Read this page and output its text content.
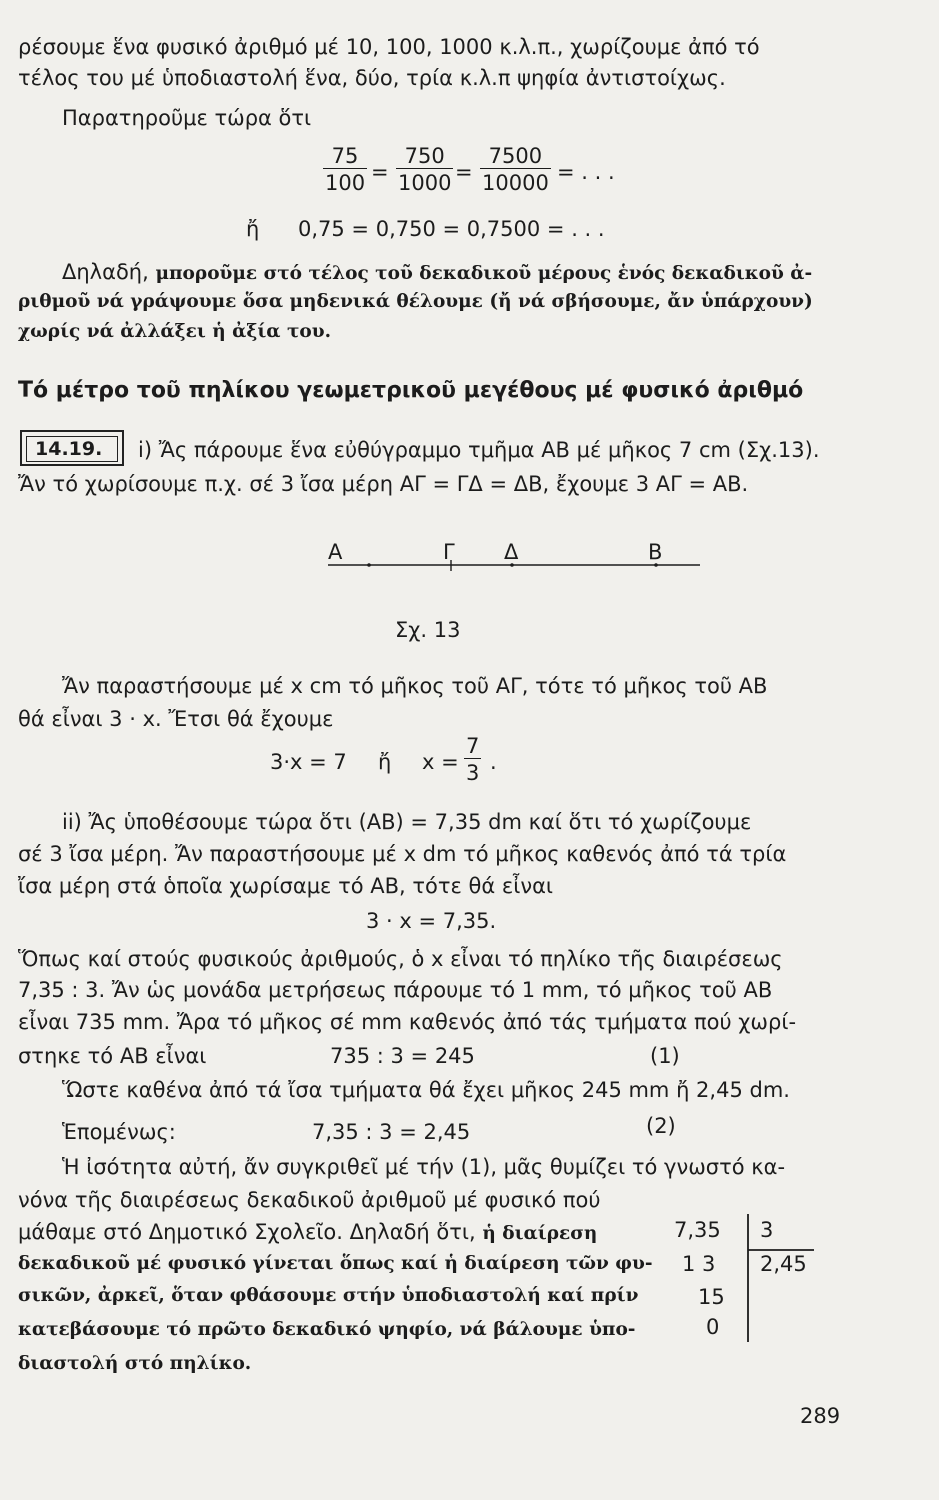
ρέσουμε ἕνα φυσικό ἀριθμό μέ 10, 100, 1000 κ.λ.π., χωρίζουμε ἀπό τό
τέλος του μέ ὑποδιαστολή ἕνα, δύο, τρία κ.λ.π ψηφία ἀντιστοίχως.
Παρατηροῦμε τώρα ὅτι
$\frac{75}{100} = \frac{750}{1000} = \frac{7500}{10000}$ = . . .
ἤ 0,75 = 0,750 = 0,7500 = . . .
Δηλαδή, μποροῦμε στό τέλος τοῦ δεκαδικοῦ μέρους ἑνός δεκαδικοῦ ἀ-
ριθμοῦ νά γράψουμε ὅσα μηδενικά θέλουμε (ἤ νά σβήσουμε, ἄν ὑπάρχουν)
χωρίς νά ἀλλάξει ἡ ἀξία του.
Τό μέτρο τοῦ πηλίκου γεωμετρικοῦ μεγέθους μέ φυσικό ἀριθμό
14.19.	i) Ἄς πάρουμε ἕνα εὐθύγραμμο τμῆμα ΑΒ μέ μῆκος 7 cm (Σχ.13).
Ἄν τό χωρίσουμε π.χ. σέ 3 ἴσα μέρη ΑΓ = ΓΔ = ΔΒ, ἔχουμε 3 ΑΓ = ΑΒ.
Α	Γ Δ	Β
Σχ. 13
Ἄν παραστήσουμε μέ x cm τό μῆκος τοῦ ΑΓ, τότε τό μῆκος τοῦ ΑΒ
θά εἶναι 3 · x. Ἔτσι θά ἔχουμε
3·x = 7 ἤ $x = \frac{7}{3}$ .
ii) Ἄς ὑποθέσουμε τώρα ὅτι (ΑΒ) = 7,35 dm καί ὅτι τό χωρίζουμε
σέ 3 ἴσα μέρη. Ἄν παραστήσουμε μέ x dm τό μῆκος καθενός ἀπό τά τρία
ἴσα μέρη στά ὁποῖα χωρίσαμε τό ΑΒ, τότε θά εἶναι
3 · x = 7,35.
Ὅπως καί στούς φυσικούς ἀριθμούς, ὁ x εἶναι τό πηλίκο τῆς διαιρέσεως
7,35 : 3. Ἄν ὡς μονάδα μετρήσεως πάρουμε τό 1 mm, τό μῆκος τοῦ ΑΒ
εἶναι 735 mm. Ἄρα τό μῆκος σέ mm καθενός ἀπό τάς τμήματα πού χωρί-
στηκε τό ΑΒ εἶναι	735 : 3 = 245	(1)
Ὥστε καθένα ἀπό τά ἴσα τμήματα θά ἔχει μῆκος 245 mm ἤ 2,45 dm.
Ἑπομένως:	7,35 : 3 = 2,45	(2)
Ἡ ἰσότητα αὐτή, ἄν συγκριθεῖ μέ τήν (1), μᾶς θυμίζει τό γνωστό κα-
νόνα τῆς διαιρέσεως δεκαδικοῦ ἀριθμοῦ μέ φυσικό πού
μάθαμε στό Δημοτικό Σχολεῖο. Δηλαδή ὅτι, ἡ διαίρεση
δεκαδικοῦ μέ φυσικό γίνεται ὅπως καί ἡ διαίρεση τῶν φυ-
σικῶν, ἀρκεῖ, ὅταν φθάσουμε στήν ὑποδιαστολή καί πρίν
κατεβάσουμε τό πρῶτο δεκαδικό ψηφίο, νά βάλουμε ὑπο-
διαστολή στό πηλίκο.
7,35 3
1 3 2,45
15
0
289
